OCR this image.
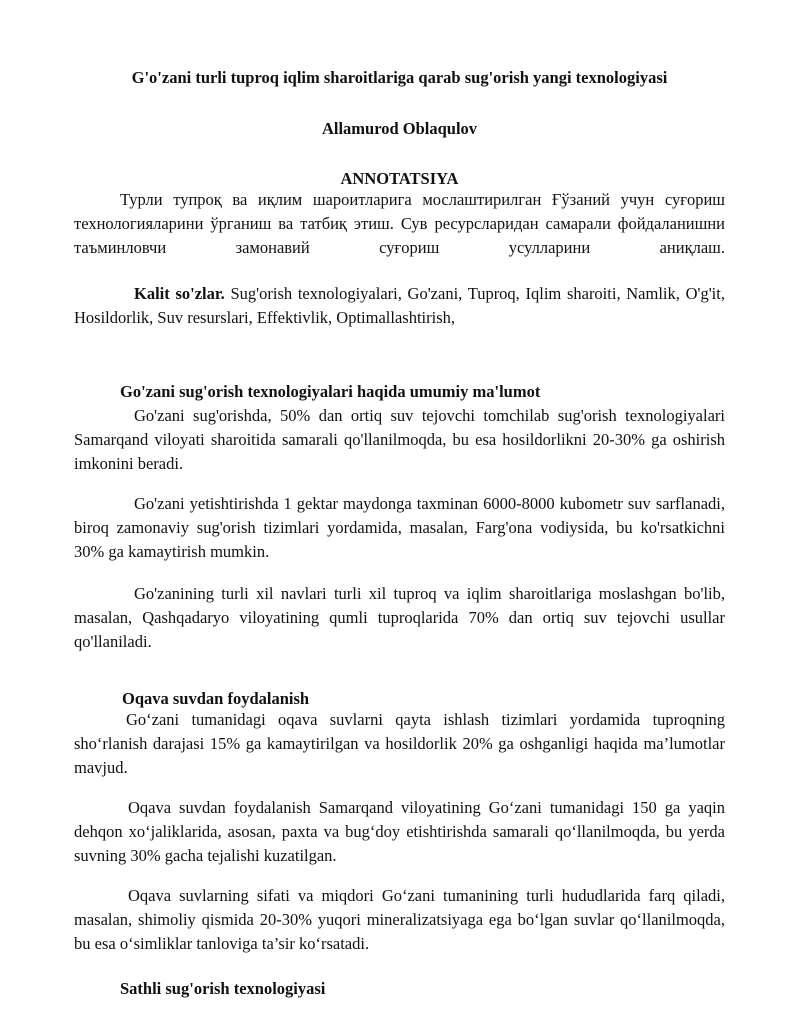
G'o'zani turli tuproq iqlim sharoitlariga qarab sug'orish yangi texnologiyasi
Allamurod Oblaqulov
ANNOTATSIYA

Турли тупроқ ва иқлим шароитларига мослаштирилган Ғўзаний учун суғориш технологияларини ўрганиш ва татбиқ этиш. Сув ресурсларидан самарали фойдаланишни таъминловчи замонавий суғориш усулларини аниқлаш.

Kalit so'zlar. Sug'orish texnologiyalari, Go'zani, Tuproq, Iqlim sharoiti, Namlik, O'g'it, Hosildorlik, Suv resurslari, Effektivlik, Optimallashtirish,

Go'zani sug'orish texnologiyalari haqida umumiy ma'lumot

Go'zani sug'orishda, 50% dan ortiq suv tejovchi tomchilab sug'orish texnologiyalari Samarqand viloyati sharoitida samarali qo'llanilmoqda, bu esa hosildorlikni 20-30% ga oshirish imkonini beradi.

Go'zani yetishtirishda 1 gektar maydonga taxminan 6000-8000 kubometr suv sarflanadi, biroq zamonaviy sug'orish tizimlari yordamida, masalan, Farg'ona vodiysida, bu ko'rsatkichni 30% ga kamaytirish mumkin.

Go'zanining turli xil navlari turli xil tuproq va iqlim sharoitlariga moslashgan bo'lib, masalan, Qashqadaryo viloyatining qumli tuproqlarida 70% dan ortiq suv tejovchi usullar qo'llaniladi.

Oqava suvdan foydalanish

Go‘zani tumanidagi oqava suvlarni qayta ishlash tizimlari yordamida tuproqning sho‘rlanish darajasi 15% ga kamaytirilgan va hosildorlik 20% ga oshganligi haqida ma’lumotlar mavjud.

Oqava suvdan foydalanish Samarqand viloyatining Go‘zani tumanidagi 150 ga yaqin dehqon xo‘jaliklarida, asosan, paxta va bug‘doy etishtirishda samarali qo‘llanilmoqda, bu yerda suvning 30% gacha tejalishi kuzatilgan.

Oqava suvlarning sifati va miqdori Go‘zani tumanining turli hududlarida farq qiladi, masalan, shimoliy qismida 20-30% yuqori mineralizatsiyaga ega bo‘lgan suvlar qo‘llanilmoqda, bu esa o‘simliklar tanloviga ta’sir ko‘rsatadi.

Sathli sug'orish texnologiyasi
